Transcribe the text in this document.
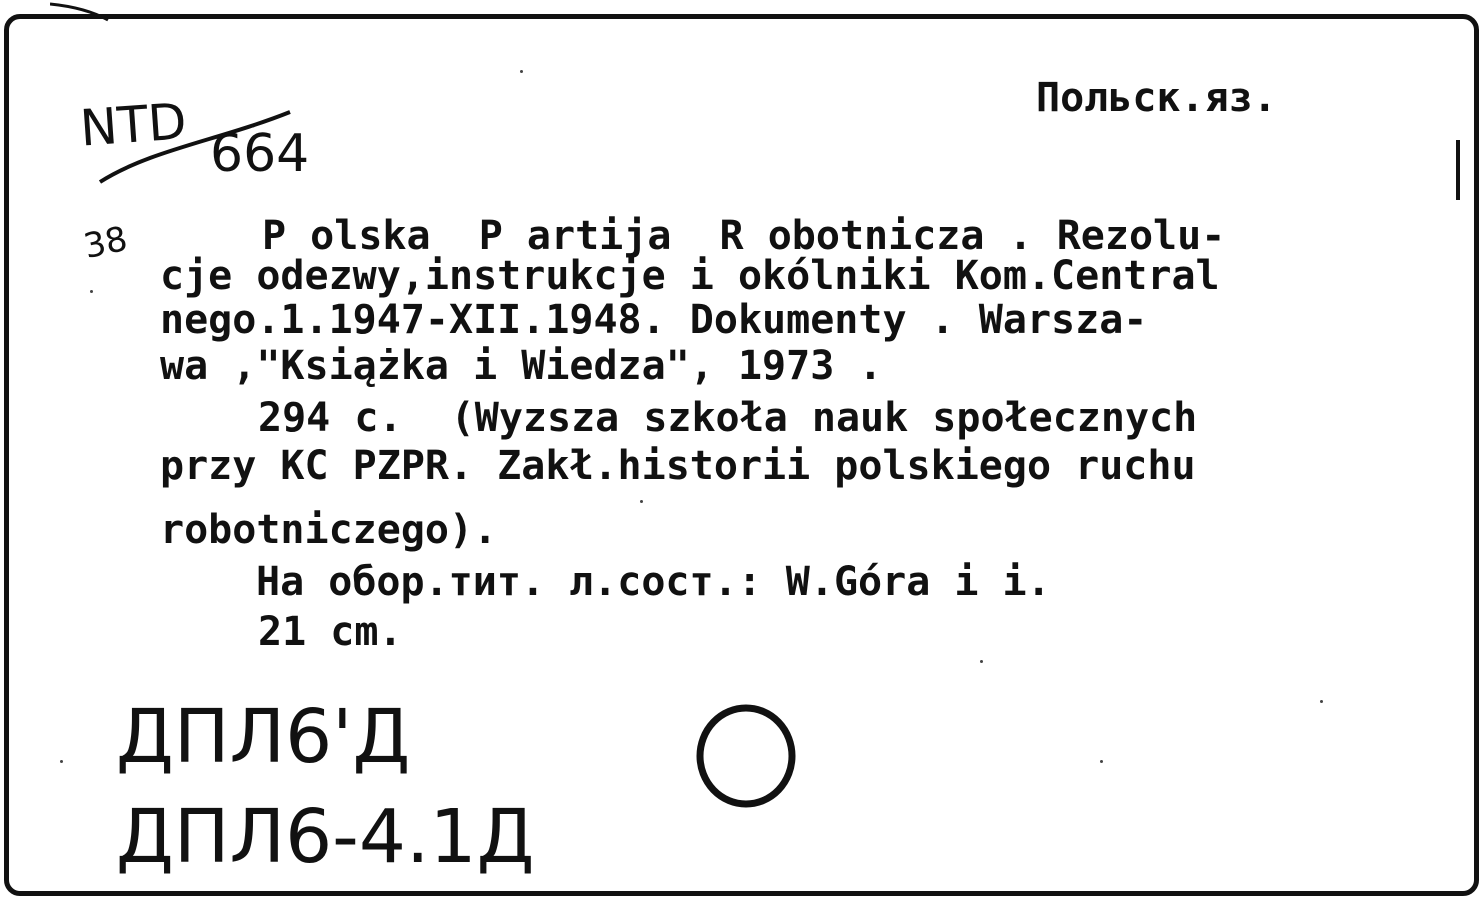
Польск.яз.
NTD 664
38	P olska  P artija  R obotnicza . Rezolu-
cje odezwy,instrukcje i okólniki Kom.Central
nego.1.1947-XII.1948. Dokumenty . Warsza-
wa ,"Książka i Wiedza", 1973 .
294 c.  (Wyzsza szkoła nauk społecznych
przy KC PZPR. Zakł.historii polskiego ruchu
robotniczego).
На обор.тит. л.сост.: W.Góra i i.
21 cm.
ДПЛ6'Д
ДПЛ6-4.1Д
